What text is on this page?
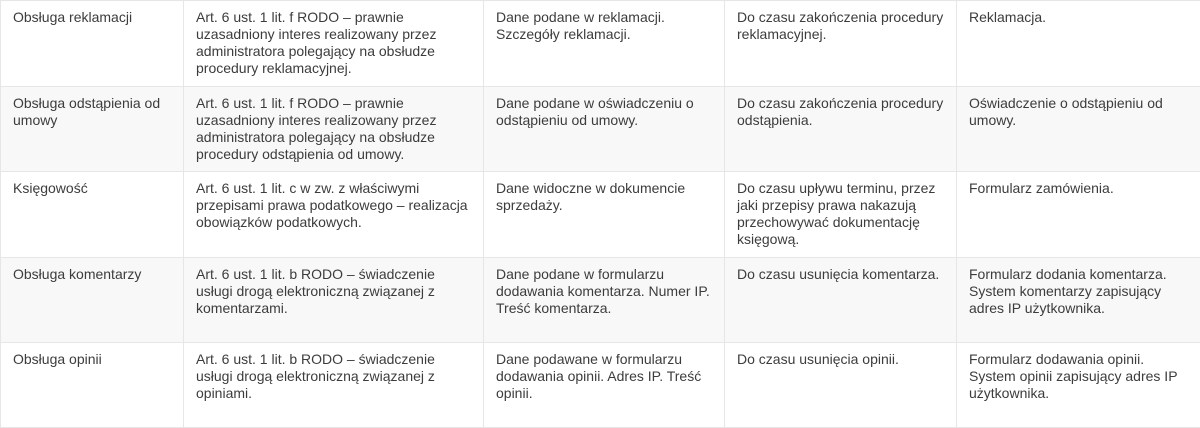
Obsługa reklamacji	Art. 6 ust. 1 lit. f RODO – prawnie uzasadniony interes realizowany przez administratora polegający na obsłudze procedury reklamacyjnej.	Dane podane w reklamacji. Szczegóły reklamacji.	Do czasu zakończenia procedury reklamacyjnej.	Reklamacja.
Obsługa odstąpienia od umowy	Art. 6 ust. 1 lit. f RODO – prawnie uzasadniony interes realizowany przez administratora polegający na obsłudze procedury odstąpienia od umowy.	Dane podane w oświadczeniu o odstąpieniu od umowy.	Do czasu zakończenia procedury odstąpienia.	Oświadczenie o odstąpieniu od umowy.
Księgowość	Art. 6 ust. 1 lit. c w zw. z właściwymi przepisami prawa podatkowego – realizacja obowiązków podatkowych.	Dane widoczne w dokumencie sprzedaży.	Do czasu upływu terminu, przez jaki przepisy prawa nakazują przechowywać dokumentację księgową.	Formularz zamówienia.
Obsługa komentarzy	Art. 6 ust. 1 lit. b RODO – świadczenie usługi drogą elektroniczną związanej z komentarzami.	Dane podane w formularzu dodawania komentarza. Numer IP. Treść komentarza.	Do czasu usunięcia komentarza.	Formularz dodania komentarza. System komentarzy zapisujący adres IP użytkownika.
Obsługa opinii	Art. 6 ust. 1 lit. b RODO – świadczenie usługi drogą elektroniczną związanej z opiniami.	Dane podawane w formularzu dodawania opinii. Adres IP. Treść opinii.	Do czasu usunięcia opinii.	Formularz dodawania opinii. System opinii zapisujący adres IP użytkownika.
